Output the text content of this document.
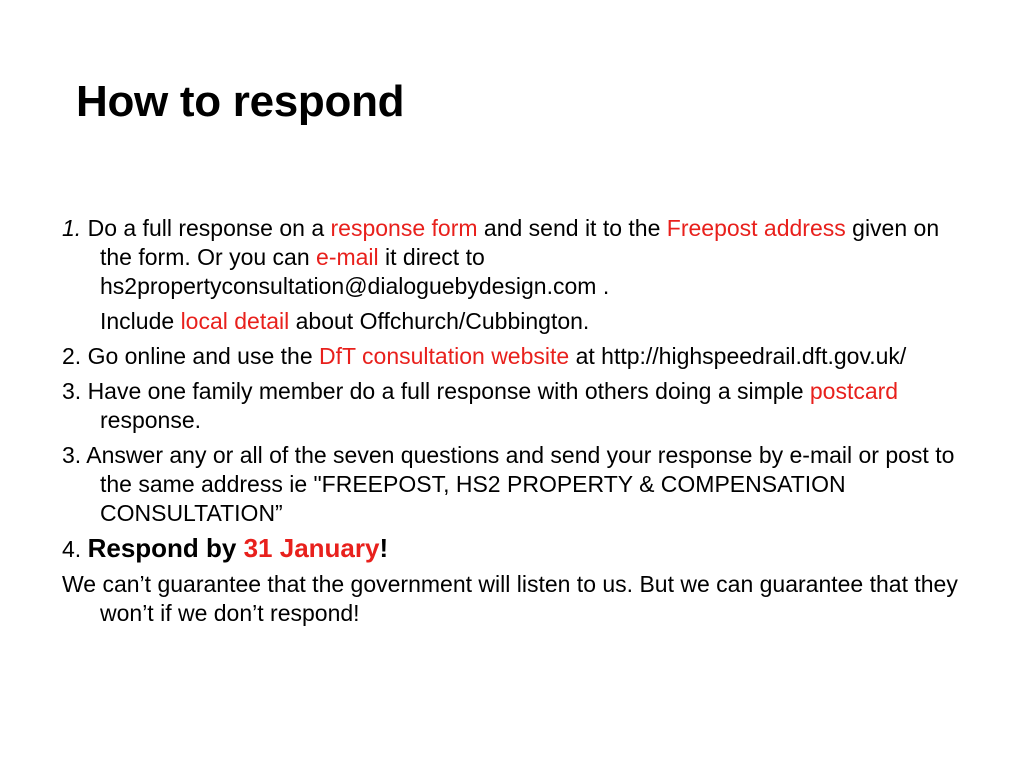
How to respond

1. Do a full response on a response form and send it to the Freepost address given on the form. Or you can e-mail it direct to hs2propertyconsultation@dialoguebydesign.com .

Include local detail about Offchurch/Cubbington.

2. Go online and use the DfT consultation website at http://highspeedrail.dft.gov.uk/

3. Have one family member do a full response with others doing a simple postcard response.

3. Answer any or all of the seven questions and send your response by e-mail or post to the same address ie "FREEPOST, HS2 PROPERTY & COMPENSATION CONSULTATION”

4. Respond by 31 January!

We can’t guarantee that the government will listen to us. But we can guarantee that they won’t if we don’t respond!
